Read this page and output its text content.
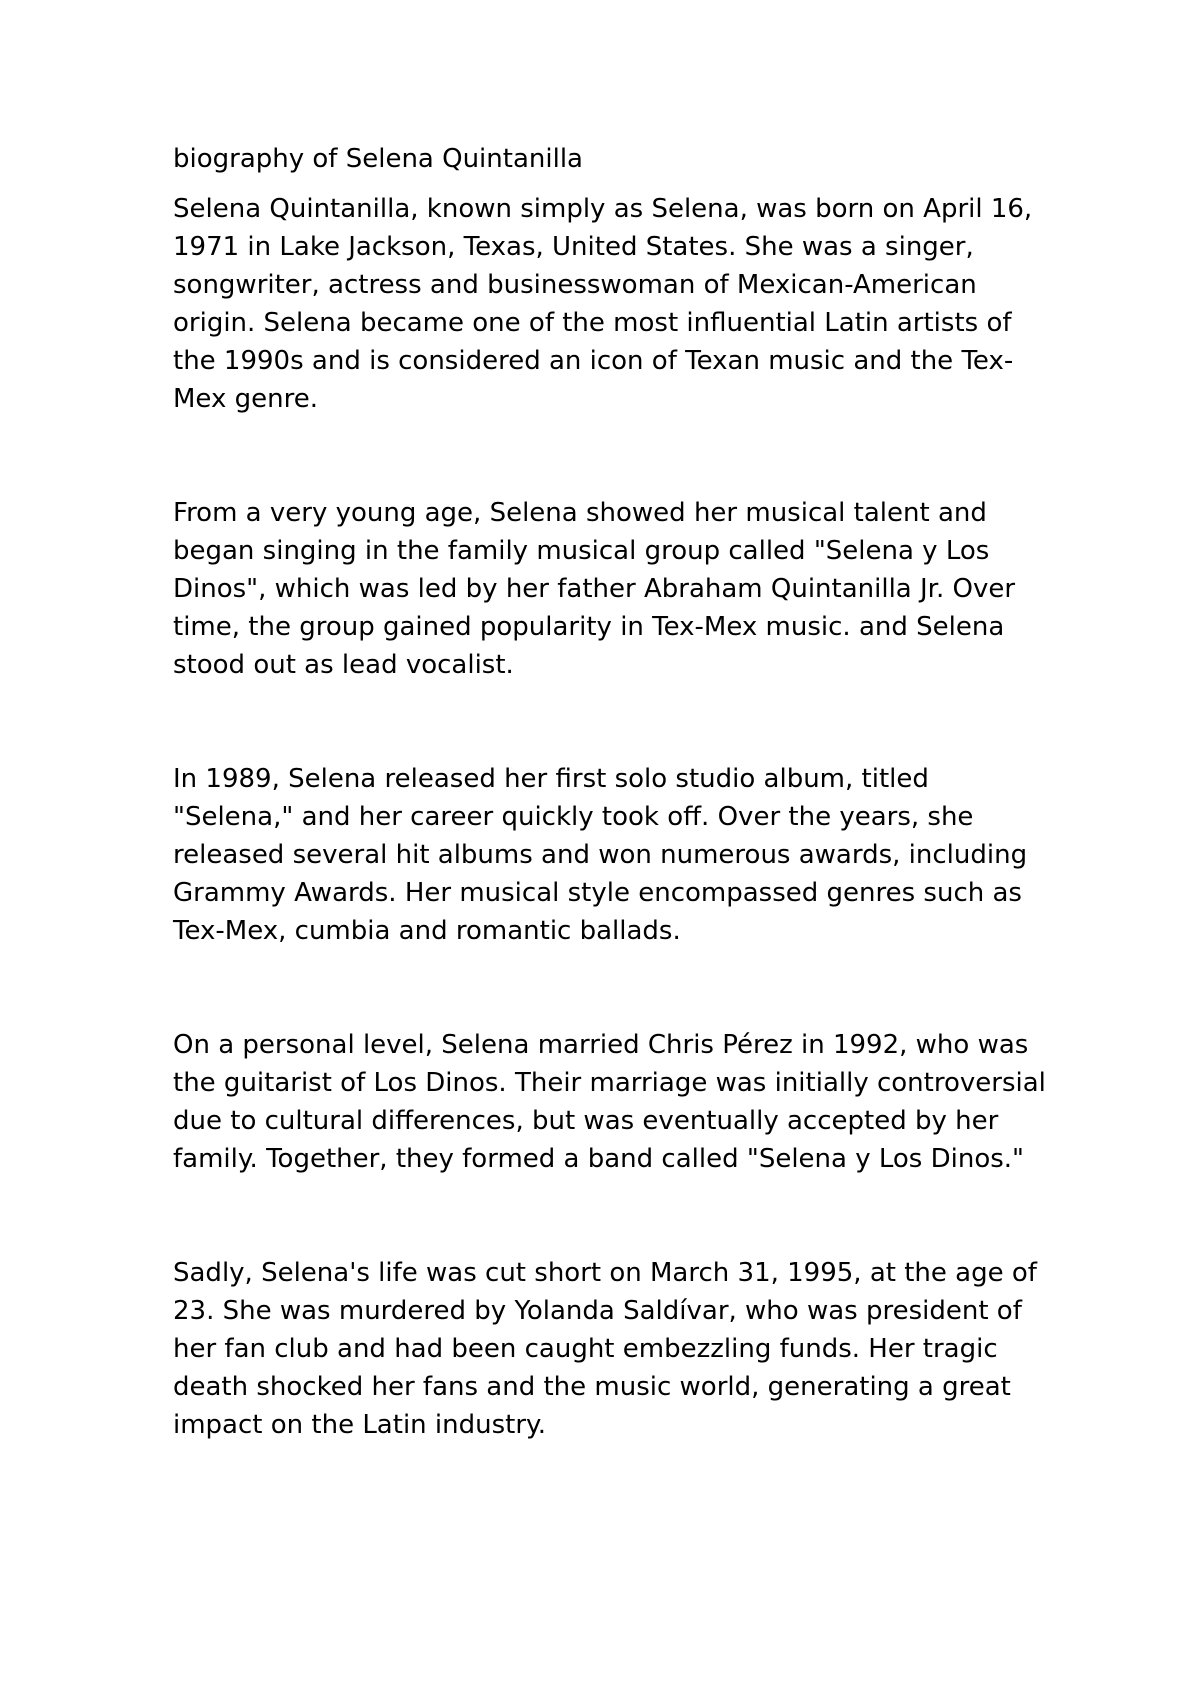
biography of Selena Quintanilla

Selena Quintanilla, known simply as Selena, was born on April 16, 1971 in Lake Jackson, Texas, United States. She was a singer, songwriter, actress and businesswoman of Mexican-American origin. Selena became one of the most influential Latin artists of the 1990s and is considered an icon of Texan music and the Tex-Mex genre.

From a very young age, Selena showed her musical talent and began singing in the family musical group called "Selena y Los Dinos", which was led by her father Abraham Quintanilla Jr. Over time, the group gained popularity in Tex-Mex music. and Selena stood out as lead vocalist.

In 1989, Selena released her first solo studio album, titled "Selena," and her career quickly took off. Over the years, she released several hit albums and won numerous awards, including Grammy Awards. Her musical style encompassed genres such as Tex-Mex, cumbia and romantic ballads.

On a personal level, Selena married Chris Pérez in 1992, who was the guitarist of Los Dinos. Their marriage was initially controversial due to cultural differences, but was eventually accepted by her family. Together, they formed a band called "Selena y Los Dinos."

Sadly, Selena's life was cut short on March 31, 1995, at the age of 23. She was murdered by Yolanda Saldívar, who was president of her fan club and had been caught embezzling funds. Her tragic death shocked her fans and the music world, generating a great impact on the Latin industry.
